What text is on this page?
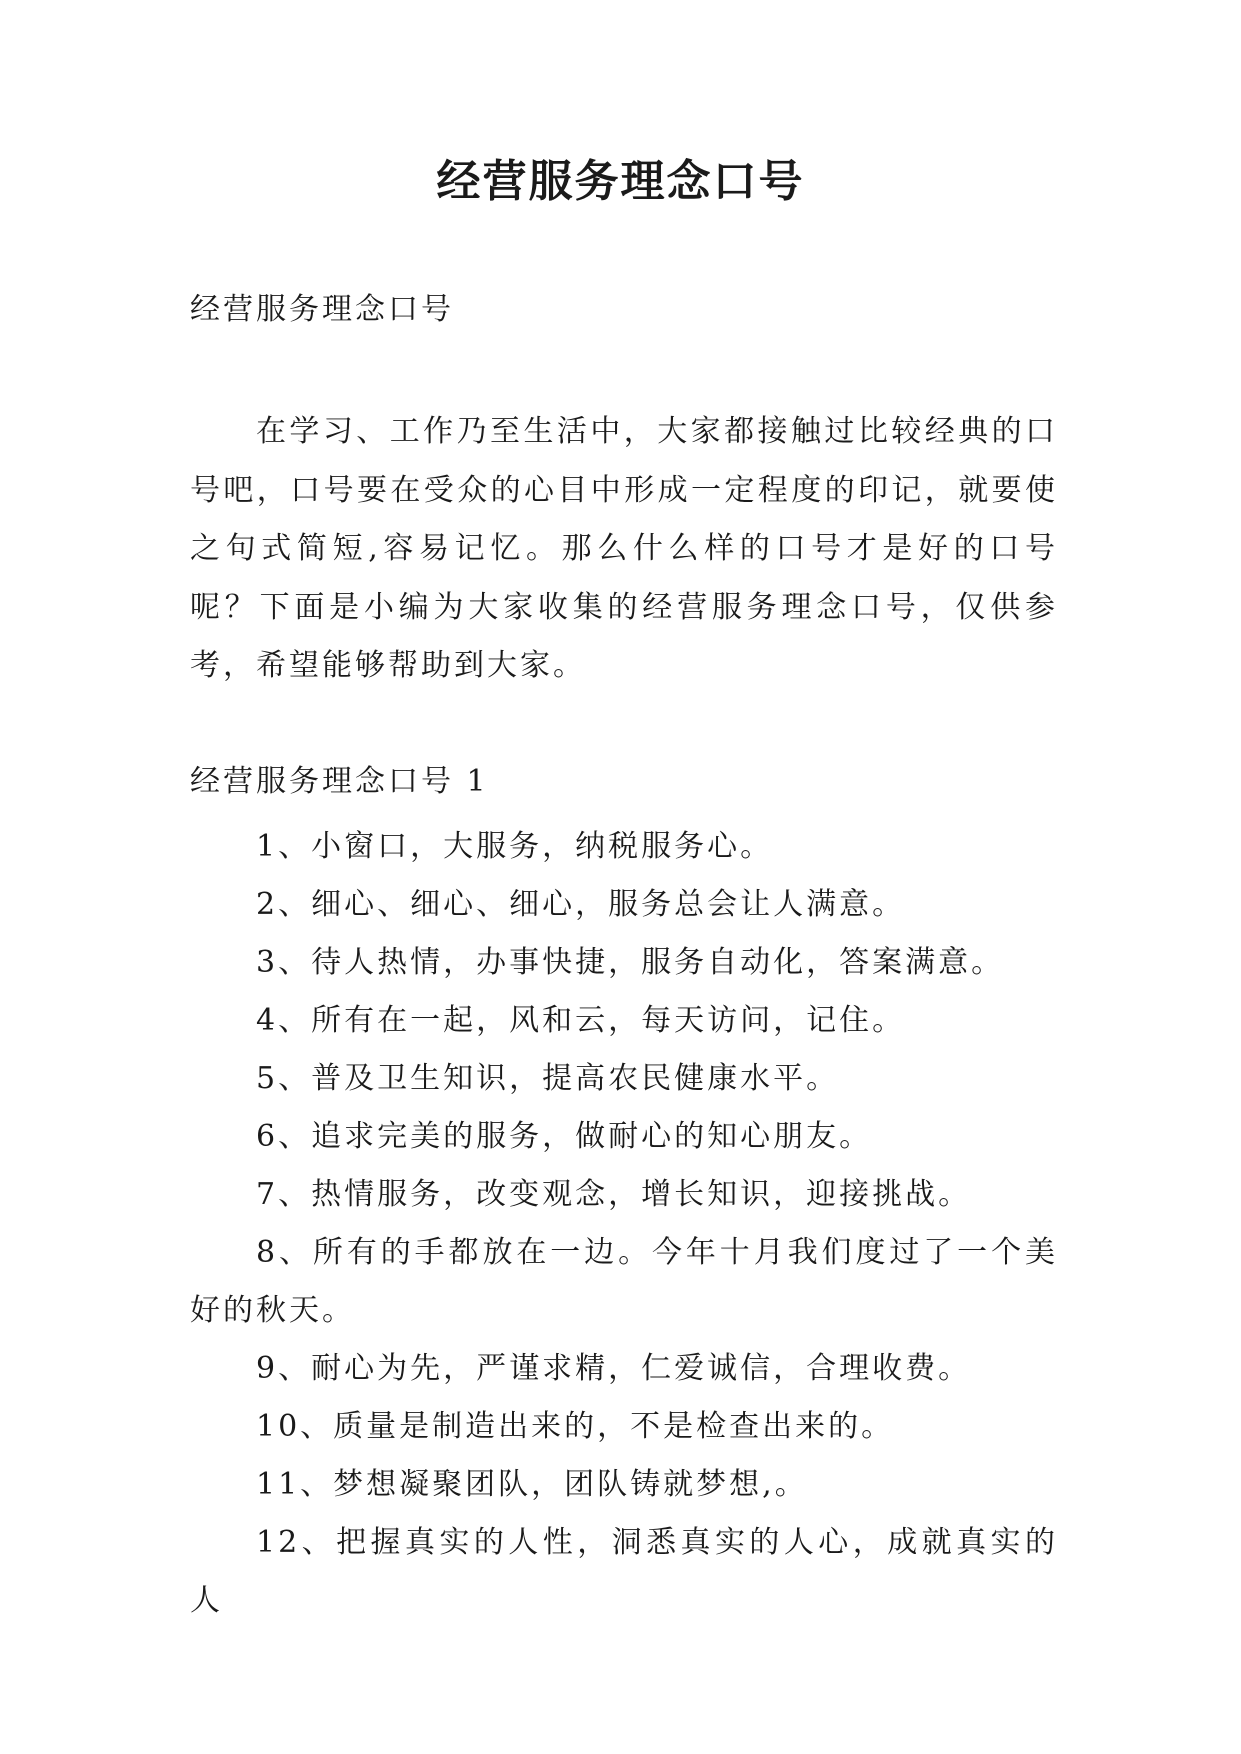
经营服务理念口号
经营服务理念口号

在学习、工作乃至生活中，大家都接触过比较经典的口号吧，口号要在受众的心目中形成一定程度的印记，就要使之句式简短,容易记忆。那么什么样的口号才是好的口号呢？下面是小编为大家收集的经营服务理念口号，仅供参考，希望能够帮助到大家。

经营服务理念口号 1
1、小窗口，大服务，纳税服务心。
2、细心、细心、细心，服务总会让人满意。
3、待人热情，办事快捷，服务自动化，答案满意。
4、所有在一起，风和云，每天访问，记住。
5、普及卫生知识，提高农民健康水平。
6、追求完美的服务，做耐心的知心朋友。
7、热情服务，改变观念，增长知识，迎接挑战。
8、所有的手都放在一边。今年十月我们度过了一个美好的秋天。
9、耐心为先，严谨求精，仁爱诚信，合理收费。
10、质量是制造出来的，不是检查出来的。
11、梦想凝聚团队，团队铸就梦想,。
12、把握真实的人性，洞悉真实的人心，成就真实的人
